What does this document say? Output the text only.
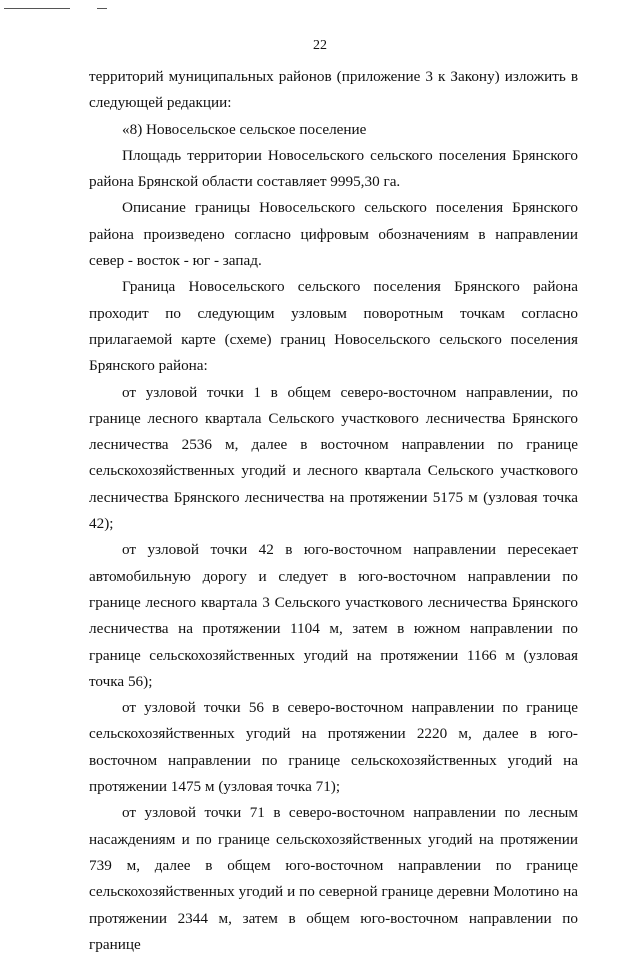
22

территорий муниципальных районов (приложение 3 к Закону) изложить в следующей редакции:

«8) Новосельское сельское поселение

Площадь территории Новосельского сельского поселения Брянского района Брянской области составляет 9995,30 га.

Описание границы Новосельского сельского поселения Брянского района произведено согласно цифровым обозначениям в направлении север - восток - юг - запад.

Граница Новосельского сельского поселения Брянского района проходит по следующим узловым поворотным точкам согласно прилагаемой карте (схеме) границ Новосельского сельского поселения Брянского района:

от узловой точки 1 в общем северо-восточном направлении, по границе лесного квартала Сельского участкового лесничества Брянского лесничества 2536 м, далее в восточном направлении по границе сельскохозяйственных угодий и лесного квартала Сельского участкового лесничества Брянского лесничества на протяжении 5175 м (узловая точка 42);

от узловой точки 42 в юго-восточном направлении пересекает автомобильную дорогу и следует в юго-восточном направлении по границе лесного квартала 3 Сельского участкового лесничества Брянского лесничества на протяжении 1104 м, затем в южном направлении по границе сельскохозяйственных угодий на протяжении 1166 м (узловая точка 56);

от узловой точки 56 в северо-восточном направлении по границе сельскохозяйственных угодий на протяжении 2220 м, далее в юго-восточном направлении по границе сельскохозяйственных угодий на протяжении 1475 м (узловая точка 71);

от узловой точки 71 в северо-восточном направлении по лесным насаждениям и по границе сельскохозяйственных угодий на протяжении 739 м, далее в общем юго-восточном направлении по границе сельскохозяйственных угодий и по северной границе деревни Молотино на протяжении 2344 м, затем в общем юго-восточном направлении по границе
